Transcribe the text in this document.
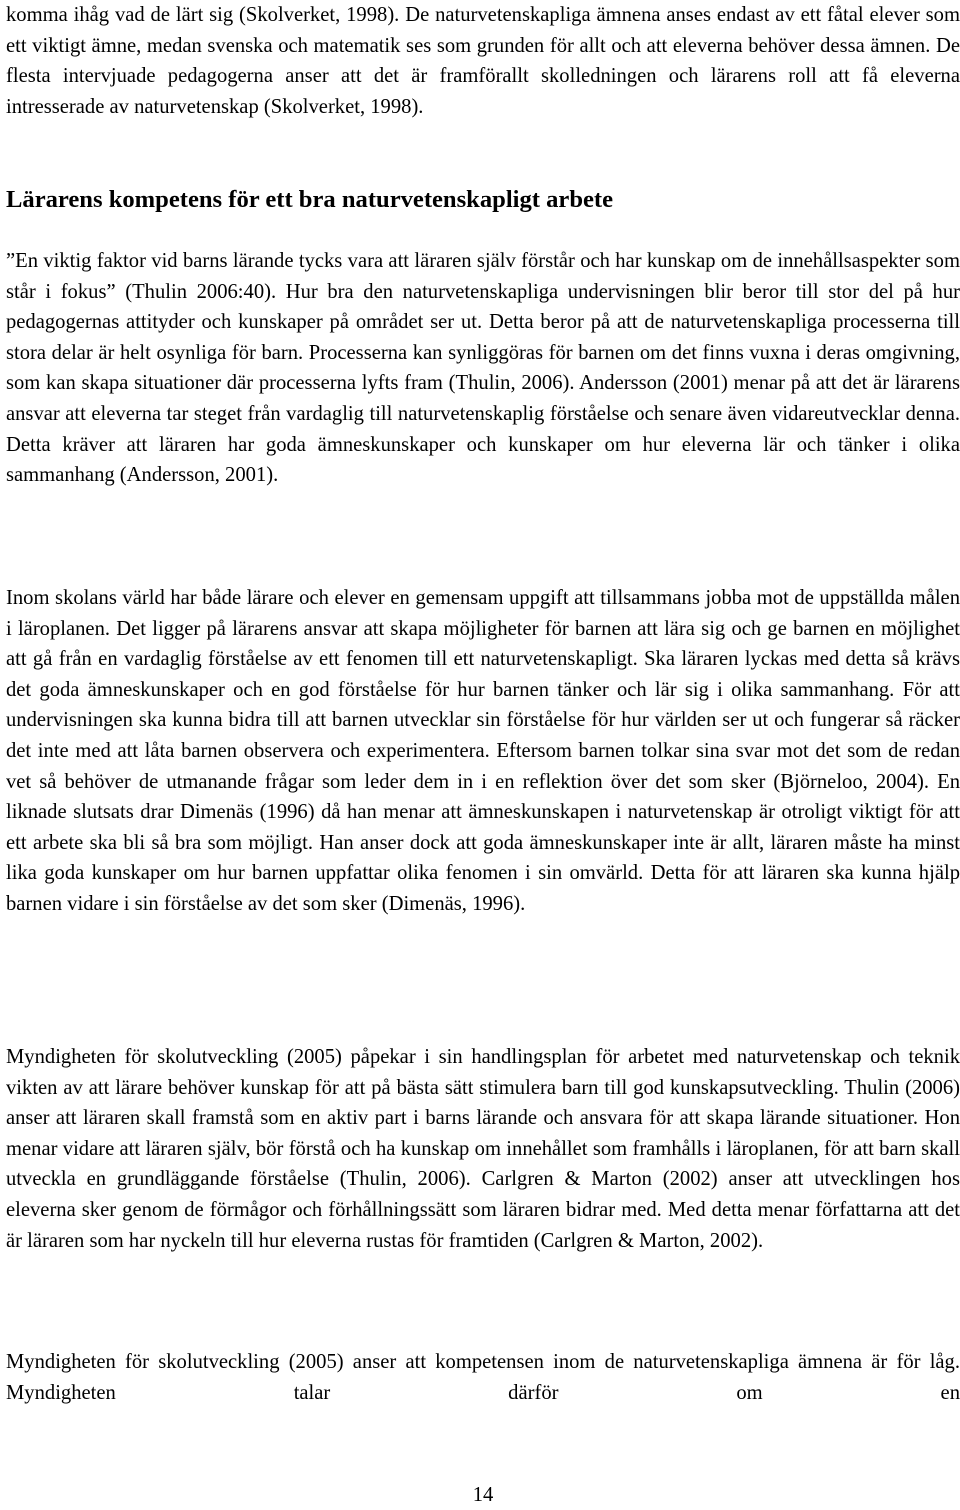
komma ihåg vad de lärt sig (Skolverket, 1998). De naturvetenskapliga ämnena anses endast av ett fåtal elever som ett viktigt ämne, medan svenska och matematik ses som grunden för allt och att eleverna behöver dessa ämnen. De flesta intervjuade pedagogerna anser att det är framförallt skolledningen och lärarens roll att få eleverna intresserade av naturvetenskap (Skolverket, 1998).

Lärarens kompetens för ett bra naturvetenskapligt arbete

”En viktig faktor vid barns lärande tycks vara att läraren själv förstår och har kunskap om de innehållsaspekter som står i fokus” (Thulin 2006:40). Hur bra den naturvetenskapliga undervisningen blir beror till stor del på hur pedagogernas attityder och kunskaper på området ser ut. Detta beror på att de naturvetenskapliga processerna till stora delar är helt osynliga för barn. Processerna kan synliggöras för barnen om det finns vuxna i deras omgivning, som kan skapa situationer där processerna lyfts fram (Thulin, 2006). Andersson (2001) menar på att det är lärarens ansvar att eleverna tar steget från vardaglig till naturvetenskaplig förståelse och senare även vidareutvecklar denna. Detta kräver att läraren har goda ämneskunskaper och kunskaper om hur eleverna lär och tänker i olika sammanhang (Andersson, 2001).

Inom skolans värld har både lärare och elever en gemensam uppgift att tillsammans jobba mot de uppställda målen i läroplanen. Det ligger på lärarens ansvar att skapa möjligheter för barnen att lära sig och ge barnen en möjlighet att gå från en vardaglig förståelse av ett fenomen till ett naturvetenskapligt. Ska läraren lyckas med detta så krävs det goda ämneskunskaper och en god förståelse för hur barnen tänker och lär sig i olika sammanhang. För att undervisningen ska kunna bidra till att barnen utvecklar sin förståelse för hur världen ser ut och fungerar så räcker det inte med att låta barnen observera och experimentera. Eftersom barnen tolkar sina svar mot det som de redan vet så behöver de utmanande frågar som leder dem in i en reflektion över det som sker (Björneloo, 2004). En liknade slutsats drar Dimenäs (1996) då han menar att ämneskunskapen i naturvetenskap är otroligt viktigt för att ett arbete ska bli så bra som möjligt. Han anser dock att goda ämneskunskaper inte är allt, läraren måste ha minst lika goda kunskaper om hur barnen uppfattar olika fenomen i sin omvärld. Detta för att läraren ska kunna hjälp barnen vidare i sin förståelse av det som sker (Dimenäs, 1996).

Myndigheten för skolutveckling (2005) påpekar i sin handlingsplan för arbetet med naturvetenskap och teknik vikten av att lärare behöver kunskap för att på bästa sätt stimulera barn till god kunskapsutveckling. Thulin (2006) anser att läraren skall framstå som en aktiv part i barns lärande och ansvara för att skapa lärande situationer. Hon menar vidare att läraren själv, bör förstå och ha kunskap om innehållet som framhålls i läroplanen, för att barn skall utveckla en grundläggande förståelse (Thulin, 2006). Carlgren & Marton (2002) anser att utvecklingen hos eleverna sker genom de förmågor och förhållningssätt som läraren bidrar med. Med detta menar författarna att det är läraren som har nyckeln till hur eleverna rustas för framtiden (Carlgren & Marton, 2002).

Myndigheten för skolutveckling (2005) anser att kompetensen inom de naturvetenskapliga ämnena är för låg. Myndigheten talar därför om en

14
